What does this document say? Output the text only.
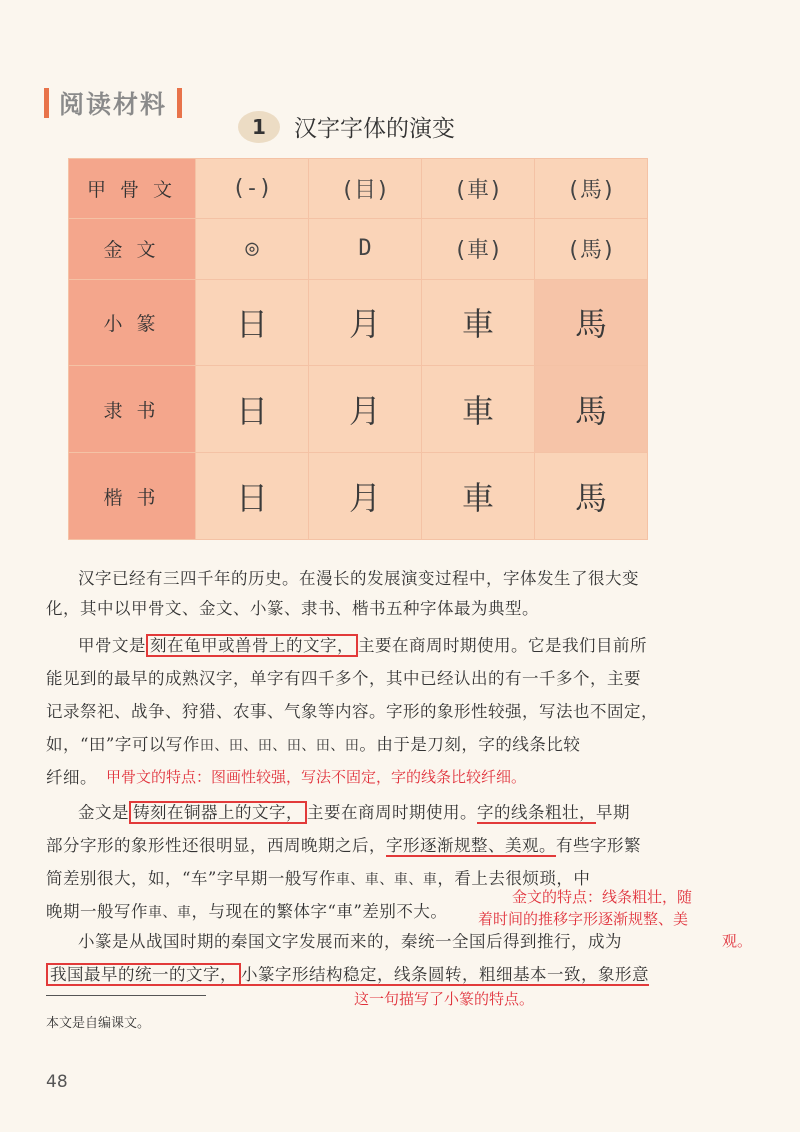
阅读材料
1	汉字字体的演变
甲骨文	(-)	(目)	(車)	(馬)
金文	◎	D	(車)	(馬)
小篆	日	月	車	馬
隶书	日	月	車	馬
楷书	日	月	車	馬
汉字已经有三四千年的历史。在漫长的发展演变过程中，字体发生了很大变
化，其中以甲骨文、金文、小篆、隶书、楷书五种字体最为典型。
甲骨文是 刻在龟甲或兽骨上的文字， 主要在商周时期使用。它是我们目前所
能见到的最早的成熟汉字，单字有四千多个，其中已经认出的有一千多个，主要
记录祭祀、战争、狩猎、农事、气象等内容。字形的象形性较强，写法也不固定，
如，“田”字可以写作田、田、田、田、田、田。由于是刀刻，字的线条比较
纤细。 甲骨文的特点：图画性较强，写法不固定，字的线条比较纤细。
金文是 铸刻在铜器上的文字， 主要在商周时期使用。字的线条粗壮，早期
部分字形的象形性还很明显，西周晚期之后，字形逐渐规整、美观。有些字形繁
简差别很大，如，“车”字早期一般写作車、車、車、車，看上去很烦琐，中
晚期一般写作車、車，与现在的繁体字“車”差别不大。
金文的特点：线条粗壮，随
着时间的推移字形逐渐规整、美
观。
小篆是从战国时期的秦国文字发展而来的，秦统一全国后得到推行，成为
我国最早的统一的文字， 小篆字形结构稳定，线条圆转，粗细基本一致，象形意
这一句描写了小篆的特点。
本文是自编课文。
48
